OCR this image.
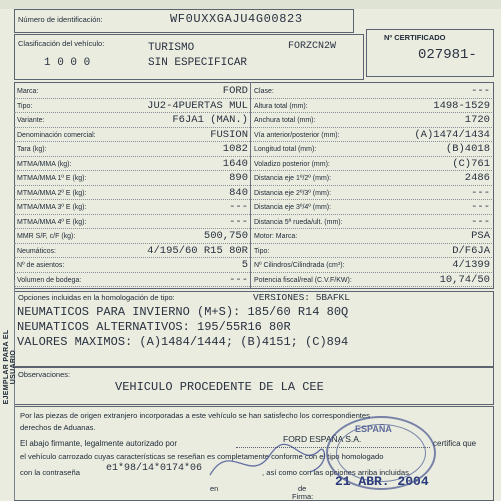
Número de identificación:	WF0UXXGAJU4G00823
Clasificación del vehículo:	TURISMO	FORZCN2W
1 0 0 0	SIN ESPECIFICAR
Nº CERTIFICADO
027981-
Marca:	FORD
Tipo:	JU2-4PUERTAS MUL
Variante:	F6JA1 (MAN.)
Denominación comercial:	FUSION
Tara (kg):	1082
MTMA/MMA (kg):	1640
MTMA/MMA 1º E (kg):	890
MTMA/MMA 2º E (kg):	840
MTMA/MMA 3º E (kg):	---
MTMA/MMA 4º E (kg):	---
MMR S/F, c/F (kg):	500,750
Neumáticos:	4/195/60 R15 80R
Nº de asientos:	5
Volumen de bodega:	---
Clase:	---
Altura total (mm):	1498-1529
Anchura total (mm):	1720
Vía anterior/posterior (mm):	(A)1474/1434
Longitud total (mm):	(B)4018
Voladizo posterior (mm):	(C)761
Distancia eje 1º/2º (mm):	2486
Distancia eje 2º/3º (mm):	---
Distancia eje 3º/4º (mm):	---
Distancia 5ª rueda/ult. (mm):	---
Motor: Marca:	PSA
Tipo:	D/F6JA
Nº Cilindros/Cilindrada (cm³):	4/1399
Potencia fiscal/real (C.V.F/KW):	10,74/50
Opciones incluidas en la homologación de tipo:	VERSIONES: 5BAFKL
NEUMATICOS PARA INVIERNO (M+S): 185/60 R14 80Q
NEUMATICOS ALTERNATIVOS: 195/55R16 80R
VALORES MAXIMOS: (A)1484/1444; (B)4151; (C)894
Observaciones:
VEHICULO PROCEDENTE DE LA CEE
Por las piezas de origen extranjero incorporadas a este vehículo se han satisfecho los correspondientes
derechos de Aduanas.
El abajo firmante, legalmente autorizado por	FORD ESPAÑA S.A.	certifica que
el vehículo carrozado cuyas características se reseñan es completamente conforme con el tipo homologado
con la contraseña	e1*98/14*0174*06	, así como con las opciones arriba incluidas.
en	de 21 ABR. 2004
Firma:
ESPAÑA
EJEMPLAR PARA EL USUARIO
